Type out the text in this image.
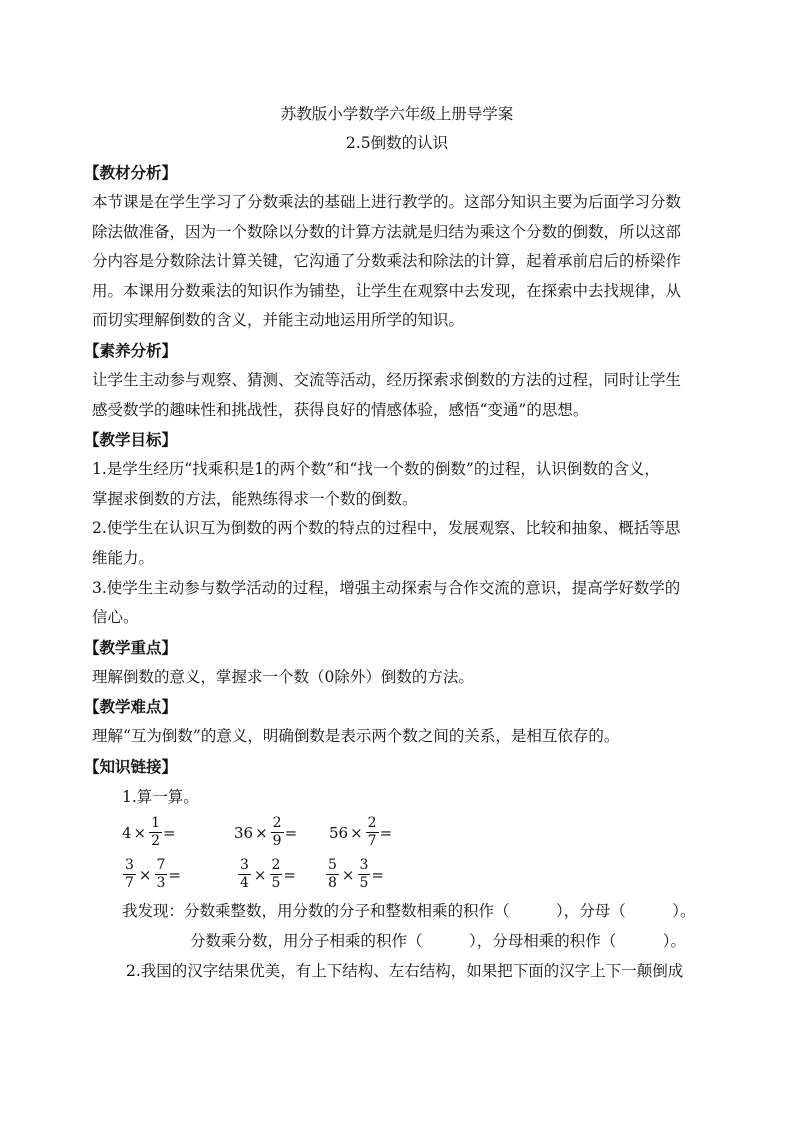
苏教版小学数学六年级上册导学案
2.5倒数的认识
【教材分析】
本节课是在学生学习了分数乘法的基础上进行教学的。这部分知识主要为后面学习分数
除法做准备，因为一个数除以分数的计算方法就是归结为乘这个分数的倒数，所以这部
分内容是分数除法计算关键，它沟通了分数乘法和除法的计算，起着承前启后的桥梁作
用。本课用分数乘法的知识作为铺垫，让学生在观察中去发现，在探索中去找规律，从
而切实理解倒数的含义，并能主动地运用所学的知识。
【素养分析】
让学生主动参与观察、猜测、交流等活动，经历探索求倒数的方法的过程，同时让学生
感受数学的趣味性和挑战性，获得良好的情感体验，感悟“变通”的思想。
【教学目标】
1.是学生经历“找乘积是1的两个数”和“找一个数的倒数”的过程，认识倒数的含义，
掌握求倒数的方法，能熟练得求一个数的倒数。
2.使学生在认识互为倒数的两个数的特点的过程中，发展观察、比较和抽象、概括等思
维能力。
3.使学生主动参与数学活动的过程，增强主动探索与合作交流的意识，提高学好数学的
信心。
【教学重点】
理解倒数的意义，掌握求一个数（0除外）倒数的方法。
【教学难点】
理解“互为倒数”的意义，明确倒数是表示两个数之间的关系，是相互依存的。
【知识链接】
1.算一算。
$4 \times \frac{1}{2}$ =	$36 \times \frac{2}{9} = 56 \times \frac{2}{7}$ =
$\frac{3}{7} \times \frac{7}{3}$ =	$\frac{3}{4} \times \frac{2}{5} = \frac{5}{8} \times \frac{3}{5}$ =
我发现：分数乘整数，用分数的分子和整数相乘的积作（　　　），分母（　　　）。
分数乘分数，用分子相乘的积作（　　　），分母相乘的积作（　　　）。
2.我国的汉字结果优美，有上下结构、左右结构，如果把下面的汉字上下一颠倒成
